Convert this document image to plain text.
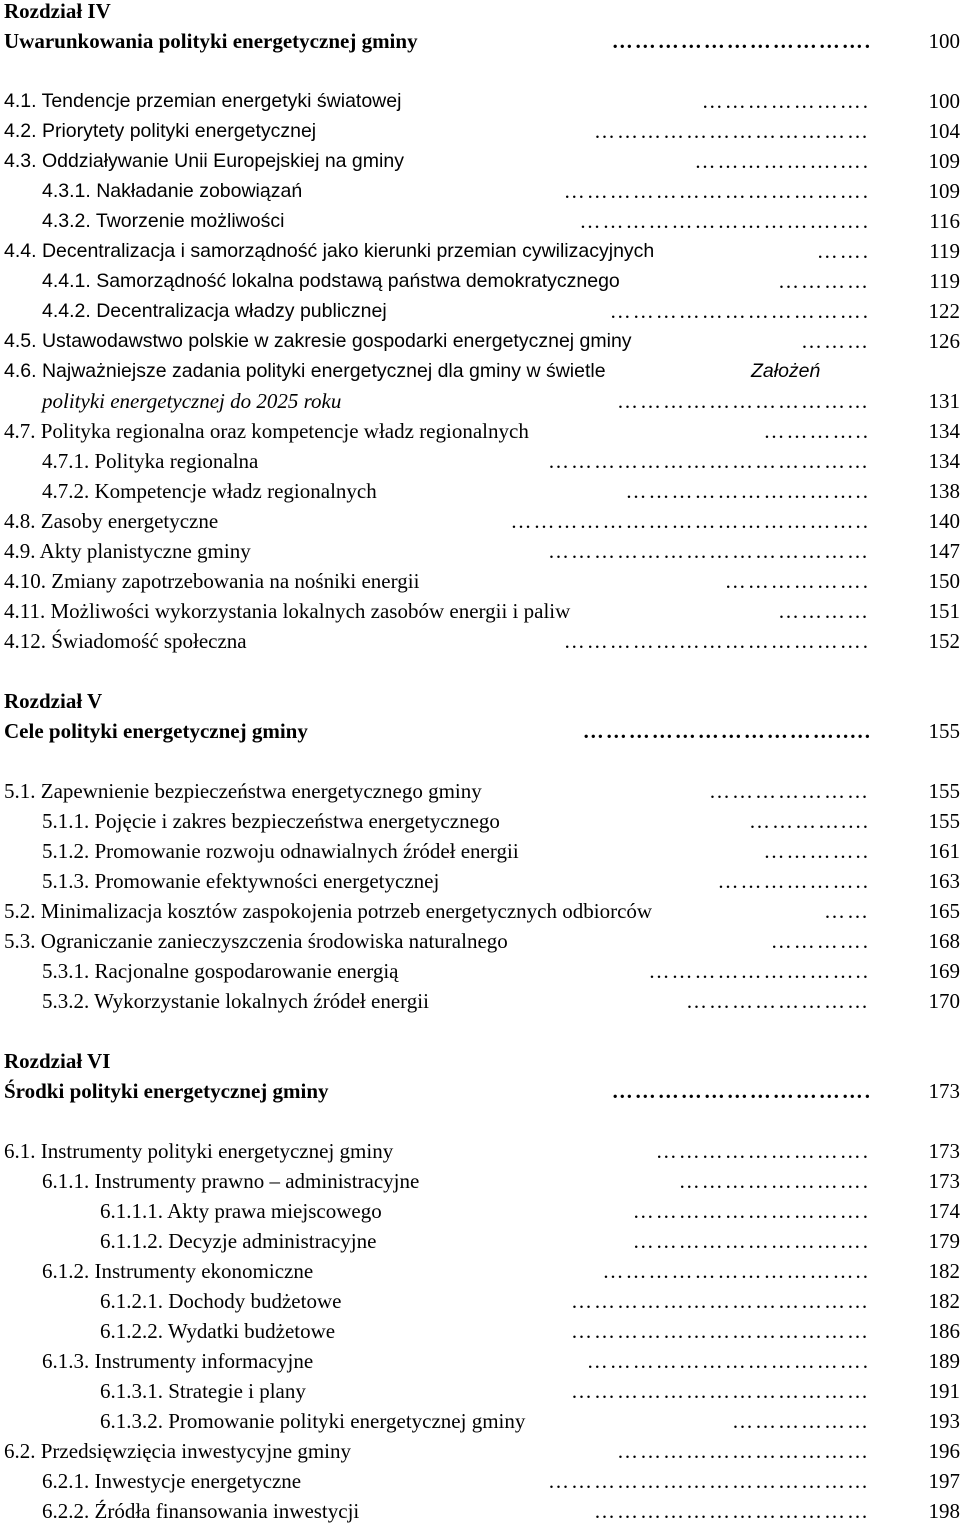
Rozdział IV
Uwarunkowania polityki energetycznej gminy	…………………………….	100
4.1. Tendencje przemian energetyki światowej	………………….	100
4.2. Priorytety polityki energetycznej	………………………………	104
4.3. Oddziaływanie Unii Europejskiej na gminy	……………….….	109
4.3.1. Nakładanie zobowiązań	………………………………….	109
4.3.2. Tworzenie możliwości	…………………………….….	116
4.4. Decentralizacja i samorządność jako kierunki przemian cywilizacyjnych	…….	119
4.4.1. Samorządność lokalna podstawą państwa demokratycznego	…………	119
4.4.2. Decentralizacja władzy publicznej	…………………………….	122
4.5. Ustawodawstwo polskie w zakresie gospodarki energetycznej gminy	………	126
4.6. Najważniejsze zadania polityki energetycznej dla gminy w świetle	Założeń
polityki energetycznej do 2025 roku	……………………………	131
4.7. Polityka regionalna oraz kompetencje władz regionalnych	…………..	134
4.7.1. Polityka regionalna	……………………………………	134
4.7.2. Kompetencje władz regionalnych	…………………………..	138
4.8. Zasoby energetyczne	………………………………………..	140
4.9. Akty planistyczne gminy	……………………………………	147
4.10. Zmiany zapotrzebowania na nośniki energii	……………….	150
4.11. Możliwości wykorzystania lokalnych zasobów energii i paliw	…………	151
4.12. Świadomość społeczna	………………………………….	152
Rozdział V
Cele polityki energetycznej gminy	…………………………….....	155
5.1. Zapewnienie bezpieczeństwa energetycznego gminy	…………………	155
5.1.1. Pojęcie i zakres bezpieczeństwa energetycznego	…………....	155
5.1.2. Promowanie rozwoju odnawialnych źródeł energii	…………..	161
5.1.3. Promowanie efektywności energetycznej	………………..	163
5.2. Minimalizacja kosztów zaspokojenia potrzeb energetycznych odbiorców	……	165
5.3. Ograniczanie zanieczyszczenia środowiska naturalnego	………….	168
5.3.1. Racjonalne gospodarowanie energią	………………………..	169
5.3.2. Wykorzystanie lokalnych źródeł energii	……………………	170
Rozdział VI
Środki polityki energetycznej gminy	…………………………….	173
6.1. Instrumenty polityki energetycznej gminy	……………………….	173
6.1.1. Instrumenty prawno – administracyjne	…………………….	173
6.1.1.1. Akty prawa miejscowego	………………………….	174
6.1.1.2. Decyzje administracyjne	………………………….	179
6.1.2. Instrumenty ekonomiczne	……………………………..	182
6.1.2.1. Dochody budżetowe	…………………………………	182
6.1.2.2. Wydatki budżetowe	…………………………………	186
6.1.3. Instrumenty informacyjne	……………………………….	189
6.1.3.1. Strategie i plany	…………………………………	191
6.1.3.2. Promowanie polityki energetycznej gminy	………………	193
6.2. Przedsięwzięcia inwestycyjne gminy	……………………………	196
6.2.1. Inwestycje energetyczne	……………………………………	197
6.2.2. Źródła finansowania inwestycji	………………………………	198
